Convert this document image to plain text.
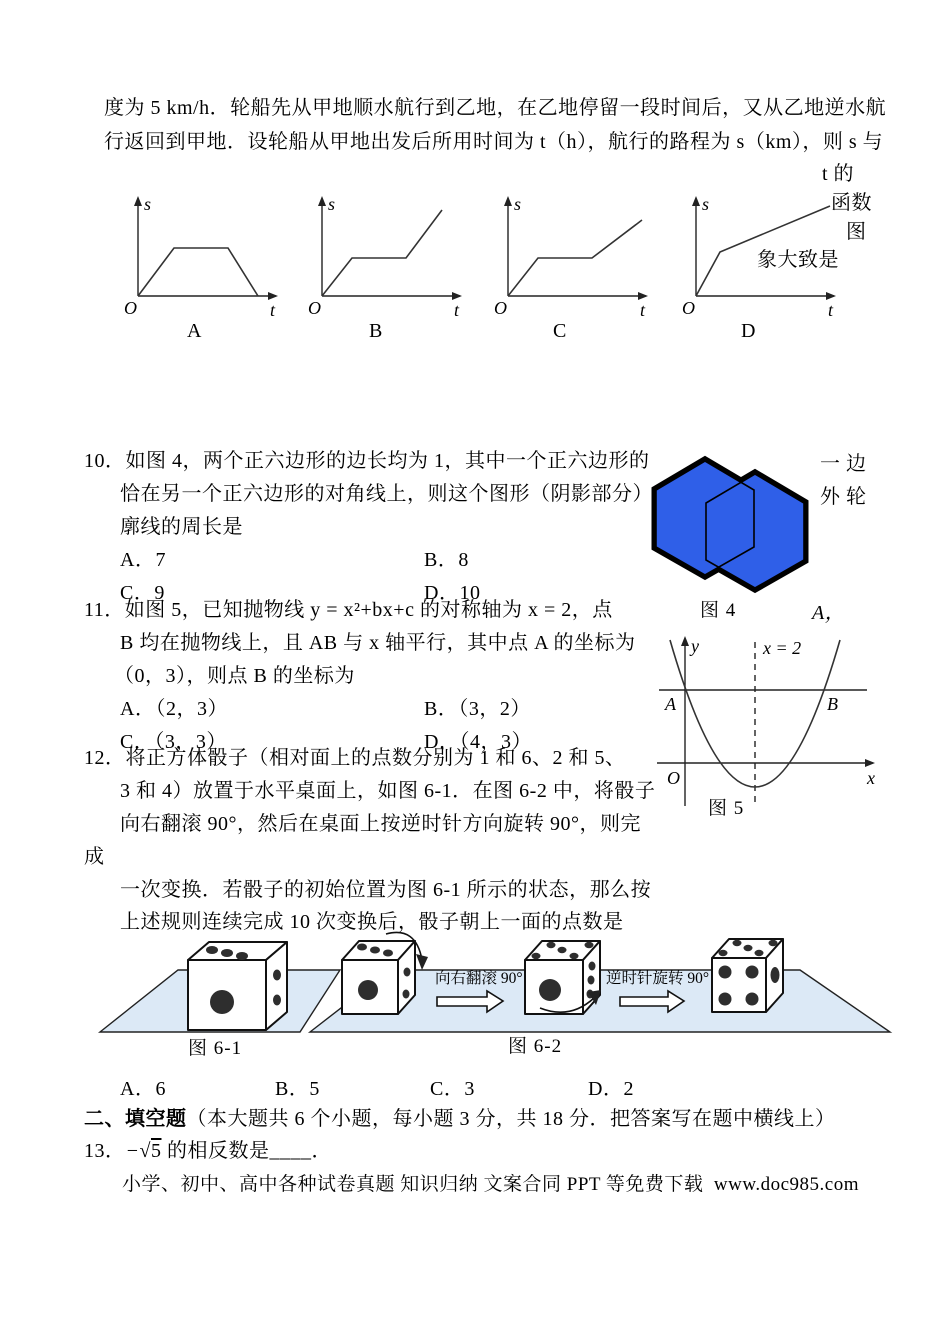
度为 5 km/h．轮船先从甲地顺水航行到乙地，在乙地停留一段时间后，又从乙地逆水航
行返回到甲地．设轮船从甲地出发后所用时间为 t（h），航行的路程为 s（km），则 s 与
t 的
函数
图
象大致是
s
t
O
s
t
O
s
t
O
s
t
O
A	B	C	D
10．如图 4，两个正六边形的边长均为 1，其中一个正六边形的
恰在另一个正六边形的对角线上，则这个图形（阴影部分）
廓线的周长是
一 边
外 轮
A．7	B．8
C．9	D．10
图 4	A，
11．如图 5，已知抛物线 y = x²+bx+c 的对称轴为 x = 2，点
B 均在抛物线上，且 AB 与 x 轴平行，其中点 A 的坐标为
（0，3），则点 B 的坐标为
A．（2，3）	B．（3，2）
C．（3，3）	D．（4，3）
y	x = 2
A	B
O	x
图 5
12．将正方体骰子（相对面上的点数分别为 1 和 6、2 和 5、
3 和 4）放置于水平桌面上，如图 6-1．在图 6-2 中，将骰子
向右翻滚 90°，然后在桌面上按逆时针方向旋转 90°，则完
成
一次变换．若骰子的初始位置为图 6-1 所示的状态，那么按
上述规则连续完成 10 次变换后，骰子朝上一面的点数是
向右翻滚 90°	逆时针旋转 90°
图 6-1	图 6-2
A．6	B．5	C．3	D．2
二、填空题（本大题共 6 个小题，每小题 3 分，共 18 分．把答案写在题中横线上）
13．−√5 的相反数是____．
小学、初中、高中各种试卷真题 知识归纳 文案合同 PPT 等免费下载 www.doc985.com
